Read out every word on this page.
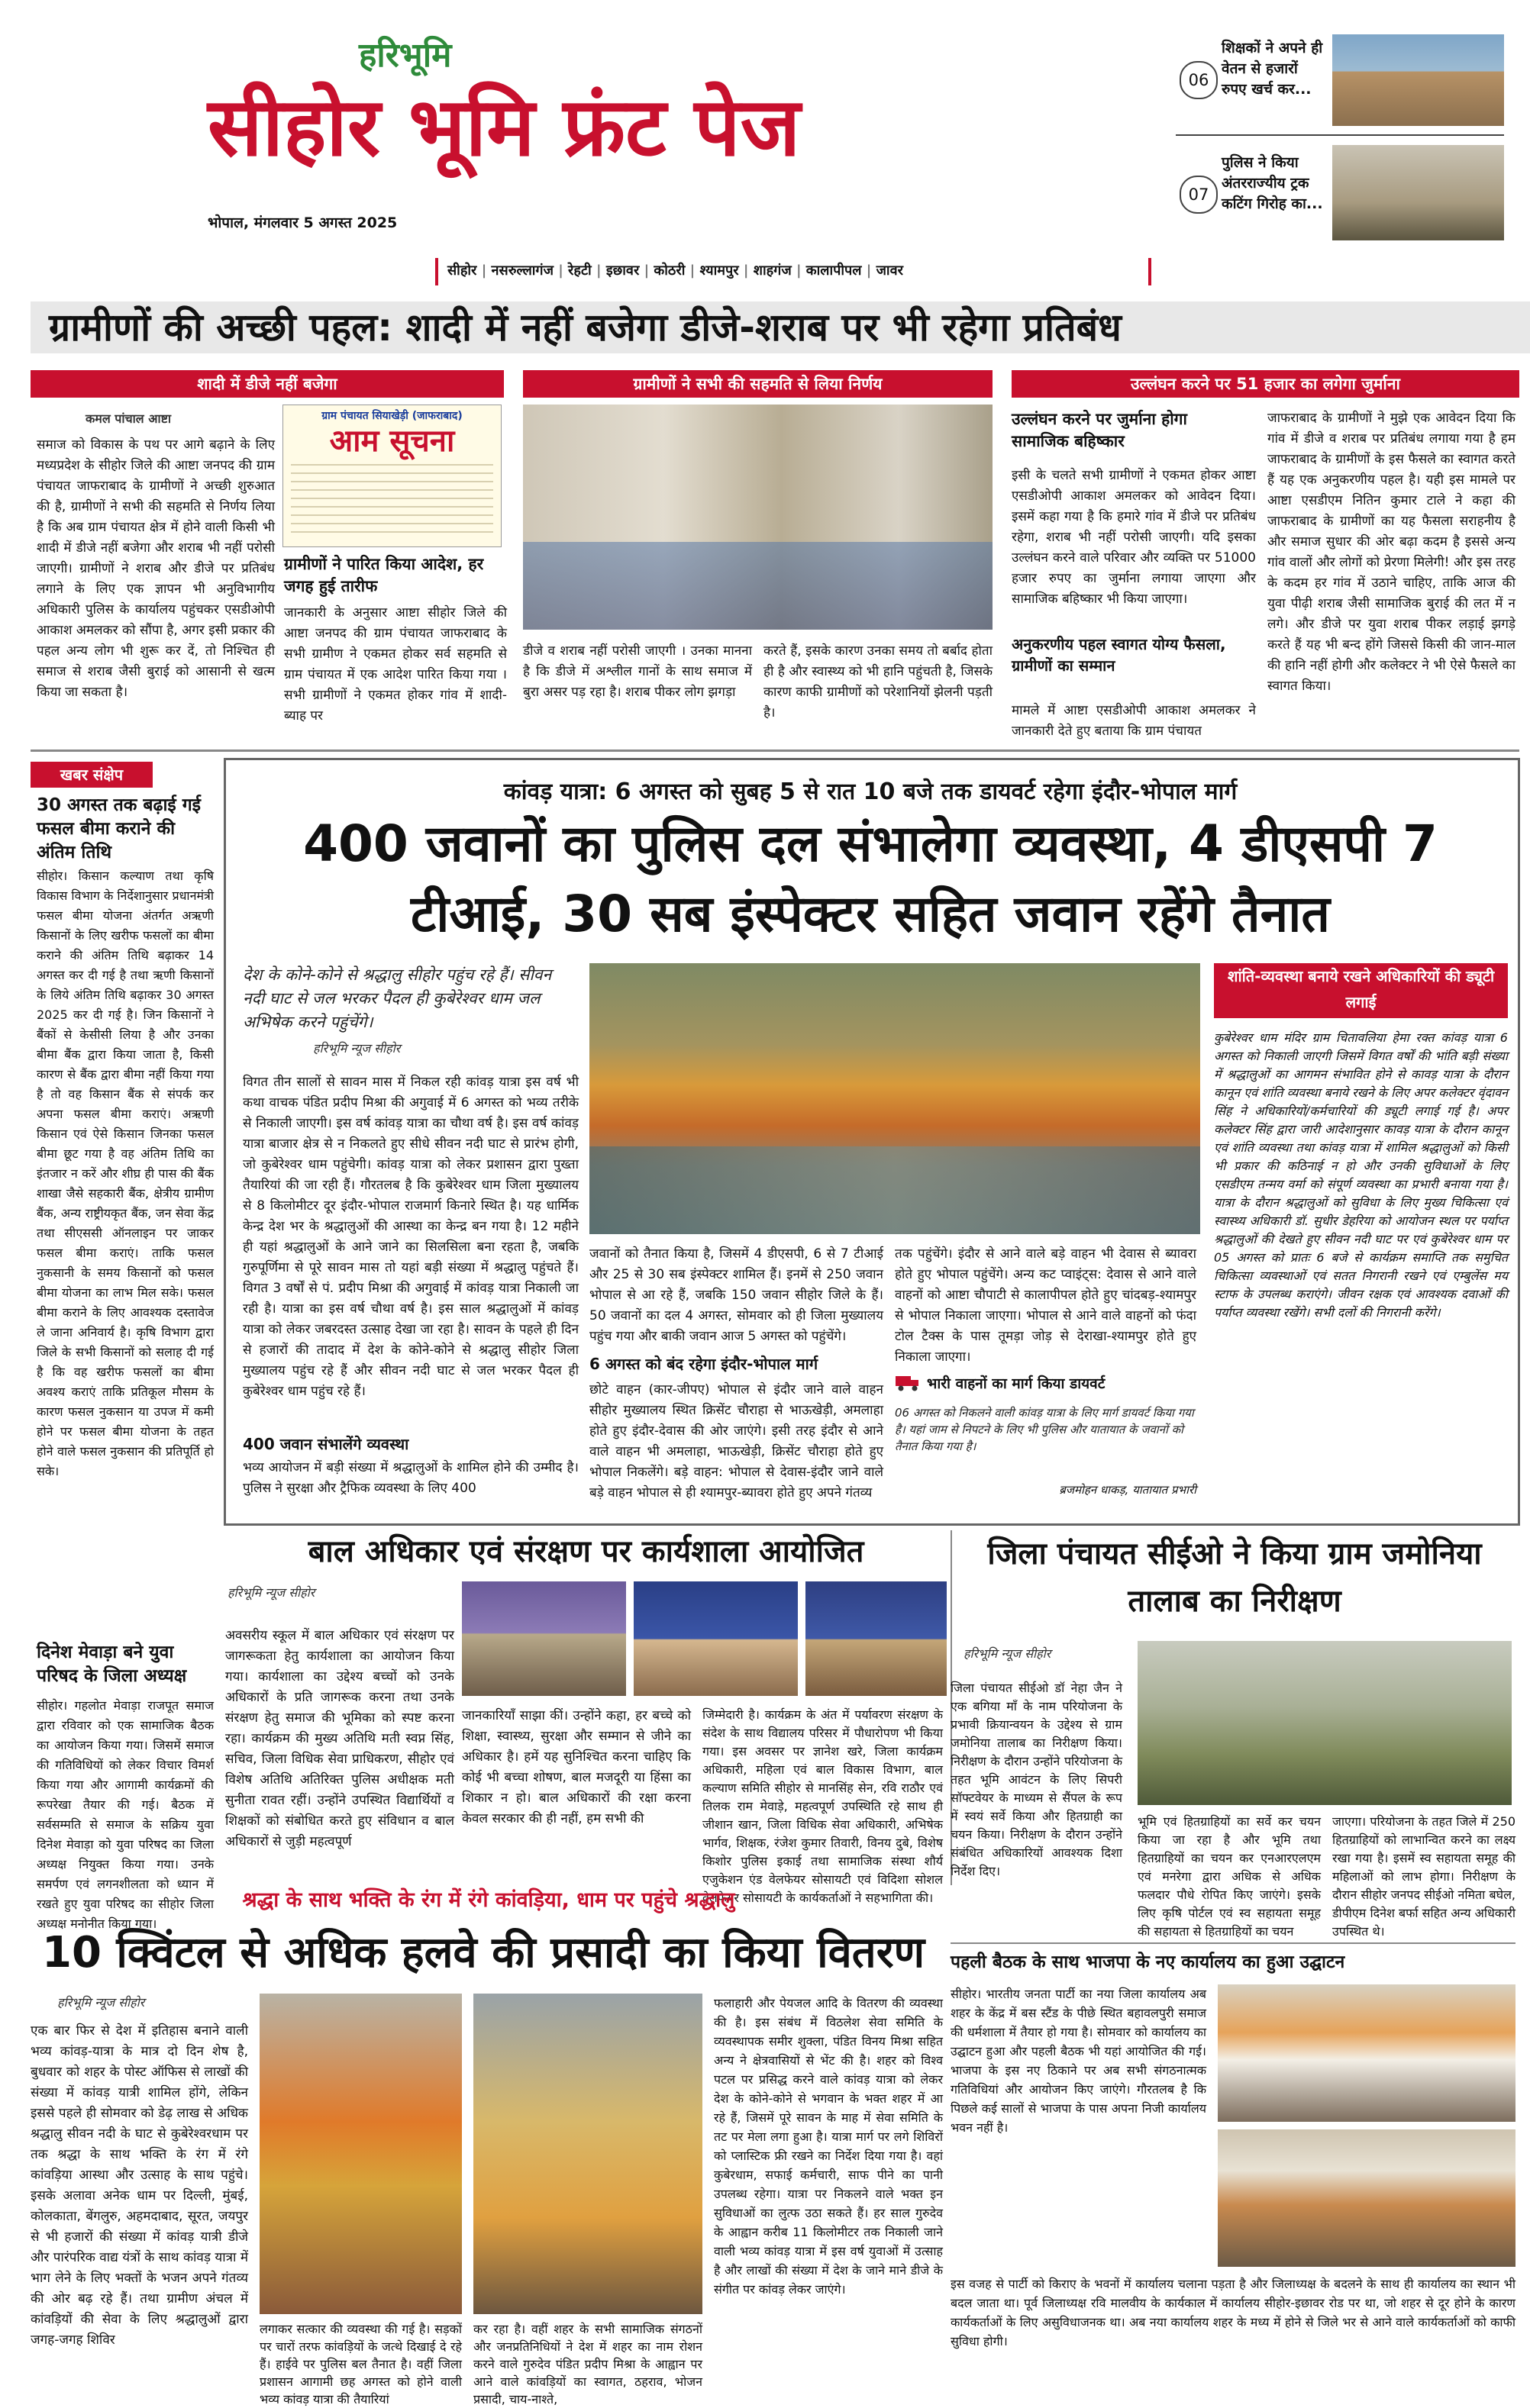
हरिभूमि
सीहोर भूमि फ्रंट पेज
भोपाल, मंगलवार 5 अगस्त 2025
06
शिक्षकों ने अपने ही वेतन से हजारों रुपए खर्च कर...
07
पुलिस ने किया अंतरराज्यीय ट्रक कटिंग गिरोह का...
सीहोर | नसरुल्लागंज | रेहटी | इछावर | कोठरी | श्यामपुर | शाहगंज | कालापीपल | जावर
ग्रामीणों की अच्छी पहल: शादी में नहीं बजेगा डीजे-शराब पर भी रहेगा प्रतिबंध
शादी में डीजे नहीं बजेगा	ग्रामीणों ने सभी की सहमति से लिया निर्णय	उल्लंघन करने पर 51 हजार का लगेगा जुर्माना
कमल पांचाल आष्टा
समाज को विकास के पथ पर आगे बढ़ाने के लिए मध्यप्रदेश के सीहोर जिले की आष्टा जनपद की ग्राम पंचायत जाफराबाद के ग्रामीणों ने अच्छी शुरुआत की है, ग्रामीणों ने सभी की सहमति से निर्णय लिया है कि अब ग्राम पंचायत क्षेत्र में होने वाली किसी भी शादी में डीजे नहीं बजेगा और शराब भी नहीं परोसी जाएगी। ग्रामीणों ने शराब और डीजे पर प्रतिबंध लगाने के लिए एक ज्ञापन भी अनुविभागीय अधिकारी पुलिस के कार्यालय पहुंचकर एसडीओपी आकाश अमलकर को सौंपा है, अगर इसी प्रकार की पहल अन्य लोग भी शुरू कर दें, तो निश्चित ही समाज से शराब जैसी बुराई को आसानी से खत्म किया जा सकता है।
ग्राम पंचायत सियाखेड़ी (जाफराबाद)
आम सूचना
ग्रामीणों ने पारित किया आदेश, हर जगह हुई तारीफ
जानकारी के अनुसार आष्टा सीहोर जिले की आष्टा जनपद की ग्राम पंचायत जाफराबाद के सभी ग्रामीण ने एकमत होकर सर्व सहमति से ग्राम पंचायत में एक आदेश पारित किया गया । सभी ग्रामीणों ने एकमत होकर गांव में शादी-ब्याह पर
डीजे व शराब नहीं परोसी जाएगी । उनका मानना है कि डीजे में अश्लील गानों के साथ समाज में बुरा असर पड़ रहा है। शराब पीकर लोग झगड़ा
करते हैं, इसके कारण उनका समय तो बर्बाद होता ही है और स्वास्थ्य को भी हानि पहुंचती है, जिसके कारण काफी ग्रामीणों को परेशानियों झेलनी पड़ती है।
उल्लंघन करने पर जुर्माना होगा सामाजिक बहिष्कार
इसी के चलते सभी ग्रामीणों ने एकमत होकर आष्टा एसडीओपी आकाश अमलकर को आवेदन दिया। इसमें कहा गया है कि हमारे गांव में डीजे पर प्रतिबंध रहेगा, शराब भी नहीं परोसी जाएगी। यदि इसका उल्लंघन करने वाले परिवार और व्यक्ति पर 51000 हजार रुपए का जुर्माना लगाया जाएगा और सामाजिक बहिष्कार भी किया जाएगा।
अनुकरणीय पहल स्वागत योग्य फैसला, ग्रामीणों का सम्मान
मामले में आष्टा एसडीओपी आकाश अमलकर ने जानकारी देते हुए बताया कि ग्राम पंचायत
जाफराबाद के ग्रामीणों ने मुझे एक आवेदन दिया कि गांव में डीजे व शराब पर प्रतिबंध लगाया गया है हम जाफराबाद के ग्रामीणों के इस फैसले का स्वागत करते हैं यह एक अनुकरणीय पहल है। यही इस मामले पर आष्टा एसडीएम नितिन कुमार टाले ने कहा की जाफराबाद के ग्रामीणों का यह फैसला सराहनीय है और समाज सुधार की ओर बढ़ा कदम है इससे अन्य गांव वालों और लोगों को प्रेरणा मिलेगी! और इस तरह के कदम हर गांव में उठाने चाहिए, ताकि आज की युवा पीढ़ी शराब जैसी सामाजिक बुराई की लत में न लगे। और डीजे पर युवा शराब पीकर लड़ाई झगड़े करते हैं यह भी बन्द होंगे जिससे किसी की जान-माल की हानि नहीं होगी और कलेक्टर ने भी ऐसे फैसले का स्वागत किया।
खबर संक्षेप
30 अगस्त तक बढ़ाई गई फसल बीमा कराने की अंतिम तिथि
सीहोर। किसान कल्याण तथा कृषि विकास विभाग के निर्देशानुसार प्रधानमंत्री फसल बीमा योजना अंतर्गत अऋणी किसानों के लिए खरीफ फसलों का बीमा कराने की अंतिम तिथि बढ़ाकर 14 अगस्त कर दी गई है तथा ऋणी किसानों के लिये अंतिम तिथि बढ़ाकर 30 अगस्त 2025 कर दी गई है। जिन किसानों ने बैंकों से केसीसी लिया है और उनका बीमा बैंक द्वारा किया जाता है, किसी कारण से बैंक द्वारा बीमा नहीं किया गया है तो वह किसान बैंक से संपर्क कर अपना फसल बीमा कराएं। अऋणी किसान एवं ऐसे किसान जिनका फसल बीमा छूट गया है वह अंतिम तिथि का इंतजार न करें और शीघ्र ही पास की बैंक शाखा जैसे सहकारी बैंक, क्षेत्रीय ग्रामीण बैंक, अन्य राष्ट्रीयकृत बैंक, जन सेवा केंद्र तथा सीएससी ऑनलाइन पर जाकर फसल बीमा कराएं। ताकि फसल नुकसानी के समय किसानों को फसल बीमा योजना का लाभ मिल सके। फसल बीमा कराने के लिए आवश्यक दस्तावेज ले जाना अनिवार्य है। कृषि विभाग द्वारा जिले के सभी किसानों को सलाह दी गई है कि वह खरीफ फसलों का बीमा अवश्य कराएं ताकि प्रतिकूल मौसम के कारण फसल नुकसान या उपज में कमी होने पर फसल बीमा योजना के तहत होने वाले फसल नुकसान की प्रतिपूर्ति हो सके।
दिनेश मेवाड़ा बने युवा परिषद के जिला अध्यक्ष
सीहोर। गहलोत मेवाड़ा राजपूत समाज द्वारा रविवार को एक सामाजिक बैठक का आयोजन किया गया। जिसमें समाज की गतिविधियों को लेकर विचार विमर्श किया गया और आगामी कार्यक्रमों की रूपरेखा तैयार की गई। बैठक में सर्वसम्मति से समाज के सक्रिय युवा दिनेश मेवाड़ा को युवा परिषद का जिला अध्यक्ष नियुक्त किया गया। उनके समर्पण एवं लगनशीलता को ध्यान में रखते हुए युवा परिषद का सीहोर जिला अध्यक्ष मनोनीत किया गया।
कांवड़ यात्रा: 6 अगस्त को सुबह 5 से रात 10 बजे तक डायवर्ट रहेगा इंदौर-भोपाल मार्ग
400 जवानों का पुलिस दल संभालेगा व्यवस्था, 4 डीएसपी 7 टीआई, 30 सब इंस्पेक्टर सहित जवान रहेंगे तैनात
देश के कोने-कोने से श्रद्धालु सीहोर पहुंच रहे हैं। सीवन नदी घाट से जल भरकर पैदल ही कुबेरेश्वर धाम जल अभिषेक करने पहुंचेंगे।
हरिभूमि न्यूज सीहोर
विगत तीन सालों से सावन मास में निकल रही कांवड़ यात्रा इस वर्ष भी कथा वाचक पंडित प्रदीप मिश्रा की अगुवाई में 6 अगस्त को भव्य तरीके से निकाली जाएगी। इस वर्ष कांवड़ यात्रा का चौथा वर्ष है। इस वर्ष कांवड़ यात्रा बाजार क्षेत्र से न निकलते हुए सीधे सीवन नदी घाट से प्रारंभ होगी, जो कुबेरेश्वर धाम पहुंचेगी। कांवड़ यात्रा को लेकर प्रशासन द्वारा पुख्ता तैयारियां की जा रही हैं। गौरतलब है कि कुबेरेश्वर धाम जिला मुख्यालय से 8 किलोमीटर दूर इंदौर-भोपाल राजमार्ग किनारे स्थित है। यह धार्मिक केन्द्र देश भर के श्रद्धालुओं की आस्था का केन्द्र बन गया है। 12 महीने ही यहां श्रद्धालुओं के आने जाने का सिलसिला बना रहता है, जबकि गुरुपूर्णिमा से पूरे सावन मास तो यहां बड़ी संख्या में श्रद्धालु पहुंचते हैं। विगत 3 वर्षों से पं. प्रदीप मिश्रा की अगुवाई में कांवड़ यात्रा निकाली जा रही है। यात्रा का इस वर्ष चौथा वर्ष है। इस साल श्रद्धालुओं में कांवड़ यात्रा को लेकर जबरदस्त उत्साह देखा जा रहा है। सावन के पहले ही दिन से हजारों की तादाद में देश के कोने-कोने से श्रद्धालु सीहोर जिला मुख्यालय पहुंच रहे हैं और सीवन नदी घाट से जल भरकर पैदल ही कुबेरेश्वर धाम पहुंच रहे हैं।
400 जवान संभालेंगे व्यवस्था
भव्य आयोजन में बड़ी संख्या में श्रद्धालुओं के शामिल होने की उम्मीद है। पुलिस ने सुरक्षा और ट्रैफिक व्यवस्था के लिए 400
जवानों को तैनात किया है, जिसमें 4 डीएसपी, 6 से 7 टीआई और 25 से 30 सब इंस्पेक्टर शामिल हैं। इनमें से 250 जवान भोपाल से आ रहे हैं, जबकि 150 जवान सीहोर जिले के हैं। 50 जवानों का दल 4 अगस्त, सोमवार को ही जिला मुख्यालय पहुंच गया और बाकी जवान आज 5 अगस्त को पहुंचेंगे।
6 अगस्त को बंद रहेगा इंदौर-भोपाल मार्ग
छोटे वाहन (कार-जीपए) भोपाल से इंदौर जाने वाले वाहन सीहोर मुख्यालय स्थित क्रिसेंट चौराहा से भाऊखेड़ी, अमलाहा होते हुए इंदौर-देवास की ओर जाएंगे। इसी तरह इंदौर से आने वाले वाहन भी अमलाहा, भाऊखेड़ी, क्रिसेंट चौराहा होते हुए भोपाल निकलेंगे। बड़े वाहन: भोपाल से देवास-इंदौर जाने वाले बड़े वाहन भोपाल से ही श्यामपुर-ब्यावरा होते हुए अपने गंतव्य
तक पहुंचेंगे। इंदौर से आने वाले बड़े वाहन भी देवास से ब्यावरा होते हुए भोपाल पहुंचेंगे। अन्य कट प्वाइंट्स: देवास से आने वाले वाहनों को आष्टा चौपाटी से कालापीपल होते हुए चांदबड़-श्यामपुर से भोपाल निकाला जाएगा। भोपाल से आने वाले वाहनों को फंदा टोल टैक्स के पास तूमड़ा जोड़ से देराखा-श्यामपुर होते हुए निकाला जाएगा।
भारी वाहनों का मार्ग किया डायवर्ट
06 अगस्त को निकलने वाली कांवड़ यात्रा के लिए मार्ग डायवर्ट किया गया है। यहां जाम से निपटने के लिए भी पुलिस और यातायात के जवानों को तैनात किया गया है।
ब्रजमोहन धाकड़, यातायात प्रभारी
शांति-व्यवस्था बनाये रखने अधिकारियों की ड्यूटी लगाई
कुबेरेश्वर धाम मंदिर ग्राम चितावलिया हेमा रक्त कांवड़ यात्रा 6 अगस्त को निकाली जाएगी जिसमें विगत वर्षों की भांति बड़ी संख्या में श्रद्धालुओं का आगमन संभावित होने से कावड़ यात्रा के दौरान कानून एवं शांति व्यवस्था बनाये रखने के लिए अपर कलेक्टर वृंदावन सिंह ने अधिकारियों/कर्मचारियों की ड्यूटी लगाई गई है। अपर कलेक्टर सिंह द्वारा जारी आदेशानुसार कावड़ यात्रा के दौरान कानून एवं शांति व्यवस्था तथा कांवड़ यात्रा में शामिल श्रद्धालुओं को किसी भी प्रकार की कठिनाई न हो और उनकी सुविधाओं के लिए एसडीएम तन्मय वर्मा को संपूर्ण व्यवस्था का प्रभारी बनाया गया है। यात्रा के दौरान श्रद्धालुओं को सुविधा के लिए मुख्य चिकित्सा एवं स्वास्थ्य अधिकारी डॉ. सुधीर डेहरिया को आयोजन स्थल पर पर्याप्त श्रद्धालुओं की देखते हुए सीवन नदी घाट पर एवं कुबेरेश्वर धाम पर 05 अगस्त को प्रातः 6 बजे से कार्यक्रम समाप्ति तक समुचित चिकित्सा व्यवस्थाओं एवं सतत निगरानी रखने एवं एम्बुलेंस मय स्टाफ के उपलब्ध कराएंगे। जीवन रक्षक एवं आवश्यक दवाओं की पर्याप्त व्यवस्था रखेंगे। सभी दलों की निगरानी करेंगे।
बाल अधिकार एवं संरक्षण पर कार्यशाला आयोजित
हरिभूमि न्यूज सीहोर
अवसरीय स्कूल में बाल अधिकार एवं संरक्षण पर जागरूकता हेतु कार्यशाला का आयोजन किया गया। कार्यशाला का उद्देश्य बच्चों को उनके अधिकारों के प्रति जागरूक करना तथा उनके संरक्षण हेतु समाज की भूमिका को स्पष्ट करना रहा। कार्यक्रम की मुख्य अतिथि मती स्वप्न सिंह, सचिव, जिला विधिक सेवा प्राधिकरण, सीहोर एवं विशेष अतिथि अतिरिक्त पुलिस अधीक्षक मती सुनीता रावत रहीं। उन्होंने उपस्थित विद्यार्थियों व शिक्षकों को संबोधित करते हुए संविधान व बाल अधिकारों से जुड़ी महत्वपूर्ण
जानकारियाँ साझा कीं। उन्होंने कहा, हर बच्चे को शिक्षा, स्वास्थ्य, सुरक्षा और सम्मान से जीने का अधिकार है। हमें यह सुनिश्चित करना चाहिए कि कोई भी बच्चा शोषण, बाल मजदूरी या हिंसा का शिकार न हो। बाल अधिकारों की रक्षा करना केवल सरकार की ही नहीं, हम सभी की
जिम्मेदारी है। कार्यक्रम के अंत में पर्यावरण संरक्षण के संदेश के साथ विद्यालय परिसर में पौधारोपण भी किया गया। इस अवसर पर ज्ञानेश खरे, जिला कार्यक्रम अधिकारी, महिला एवं बाल विकास विभाग, बाल कल्याण समिति सीहोर से मानसिंह सेन, रवि राठौर एवं तिलक राम मेवाड़े, महत्वपूर्ण उपस्थिति रहे साथ ही जीशान खान, जिला विधिक सेवा अधिकारी, अभिषेक भार्गव, शिक्षक, रंजेश कुमार तिवारी, विनय दुबे, विशेष किशोर पुलिस इकाई तथा सामाजिक संस्था शौर्य एजुकेशन एंड वेलफेयर सोसायटी एवं विदिशा सोशल वेलफेयर सोसायटी के कार्यकर्ताओं ने सहभागिता की।
जिला पंचायत सीईओ ने किया ग्राम जमोनिया तालाब का निरीक्षण
हरिभूमि न्यूज सीहोर
जिला पंचायत सीईओ डॉ नेहा जैन ने एक बगिया माँ के नाम परियोजना के प्रभावी क्रियान्वयन के उद्देश्य से ग्राम जमोनिया तालाब का निरीक्षण किया। निरीक्षण के दौरान उन्होंने परियोजना के तहत भूमि आवंटन के लिए सिपरी सॉफ्टवेयर के माध्यम से सैंपल के रूप में स्वयं सर्वे किया और हितग्राही का चयन किया। निरीक्षण के दौरान उन्होंने संबंधित अधिकारियों आवश्यक दिशा निर्देश दिए।
भूमि एवं हितग्राहियों का सर्वे कर चयन किया जा रहा है और भूमि तथा हितग्राहियों का चयन कर एनआरएलएम एवं मनरेगा द्वारा अधिक से अधिक फलदार पौधे रोपित किए जाएंगे। इसके लिए कृषि पोर्टल एवं स्व सहायता समूह की सहायता से हितग्राहियों का चयन
जाएगा। परियोजना के तहत जिले में 250 हितग्राहियों को लाभान्वित करने का लक्ष्य रखा गया है। इसमें स्व सहायता समूह की महिलाओं को लाभ होगा। निरीक्षण के दौरान सीहोर जनपद सीईओ नमिता बघेल, डीपीएम दिनेश बर्फा सहित अन्य अधिकारी उपस्थित थे।
श्रद्धा के साथ भक्ति के रंग में रंगे कांवड़िया, धाम पर पहुंचे श्रद्धालु
10 क्विंटल से अधिक हलवे की प्रसादी का किया वितरण
हरिभूमि न्यूज सीहोर
एक बार फिर से देश में इतिहास बनाने वाली भव्य कांवड़-यात्रा के मात्र दो दिन शेष है, बुधवार को शहर के पोस्ट ऑफिस से लाखों की संख्या में कांवड़ यात्री शामिल होंगे, लेकिन इससे पहले ही सोमवार को डेढ़ लाख से अधिक श्रद्धालु सीवन नदी के घाट से कुबेरेश्वरधाम पर तक श्रद्धा के साथ भक्ति के रंग में रंगे कांवड़िया आस्था और उत्साह के साथ पहुंचे। इसके अलावा अनेक धाम पर दिल्ली, मुंबई, कोलकाता, बेंगलुरु, अहमदाबाद, सूरत, जयपुर से भी हजारों की संख्या में कांवड़ यात्री डीजे और पारंपरिक वाद्य यंत्रों के साथ कांवड़ यात्रा में भाग लेने के लिए भक्तों के भजन अपने गंतव्य की ओर बढ़ रहे हैं। तथा ग्रामीण अंचल में कांवड़ियों की सेवा के लिए श्रद्धालुओं द्वारा जगह-जगह शिविर
लगाकर सत्कार की व्यवस्था की गई है। सड़कों पर चारों तरफ कांवड़ियों के जत्थे दिखाई दे रहे हैं। हाईवे पर पुलिस बल तैनात है। वहीं जिला प्रशासन आगामी छह अगस्त को होने वाली भव्य कांवड़ यात्रा की तैयारियां
कर रहा है। वहीं शहर के सभी सामाजिक संगठनों और जनप्रतिनिधियों ने देश में शहर का नाम रोशन करने वाले गुरुदेव पंडित प्रदीप मिश्रा के आह्वान पर आने वाले कांवड़ियों का स्वागत, ठहराव, भोजन प्रसादी, चाय-नाश्ते,
फलाहारी और पेयजल आदि के वितरण की व्यवस्था की है। इस संबंध में विठलेश सेवा समिति के व्यवस्थापक समीर शुक्ला, पंडित विनय मिश्रा सहित अन्य ने क्षेत्रवासियों से भेंट की है। शहर को विश्व पटल पर प्रसिद्ध करने वाले कांवड़ यात्रा को लेकर देश के कोने-कोने से भगवान के भक्त शहर में आ रहे हैं, जिसमें पूरे सावन के माह में सेवा समिति के तट पर मेला लगा हुआ है। यात्रा मार्ग पर लगे शिविरों को प्लास्टिक फ्री रखने का निर्देश दिया गया है। वहां कुबेरधाम, सफाई कर्मचारी, साफ पीने का पानी उपलब्ध रहेगा। यात्रा पर निकलने वाले भक्त इन सुविधाओं का लुत्फ उठा सकते हैं। हर साल गुरुदेव के आह्वान करीब 11 किलोमीटर तक निकाली जाने वाली भव्य कांवड़ यात्रा में इस वर्ष युवाओं में उत्साह है और लाखों की संख्या में देश के जाने माने डीजे के संगीत पर कांवड़ लेकर जाएंगे।
पहली बैठक के साथ भाजपा के नए कार्यालय का हुआ उद्घाटन
सीहोर। भारतीय जनता पार्टी का नया जिला कार्यालय अब शहर के केंद्र में बस स्टैंड के पीछे स्थित बहावलपुरी समाज की धर्मशाला में तैयार हो गया है। सोमवार को कार्यालय का उद्घाटन हुआ और पहली बैठक भी यहां आयोजित की गई। भाजपा के इस नए ठिकाने पर अब सभी संगठनात्मक गतिविधियां और आयोजन किए जाएंगे। गौरतलब है कि पिछले कई सालों से भाजपा के पास अपना निजी कार्यालय भवन नहीं है।
इस वजह से पार्टी को किराए के भवनों में कार्यालय चलाना पड़ता है और जिलाध्यक्ष के बदलने के साथ ही कार्यालय का स्थान भी बदल जाता था। पूर्व जिलाध्यक्ष रवि मालवीय के कार्यकाल में कार्यालय सीहोर-इछावर रोड पर था, जो शहर से दूर होने के कारण कार्यकर्ताओं के लिए असुविधाजनक था। अब नया कार्यालय शहर के मध्य में होने से जिले भर से आने वाले कार्यकर्ताओं को काफी सुविधा होगी।
